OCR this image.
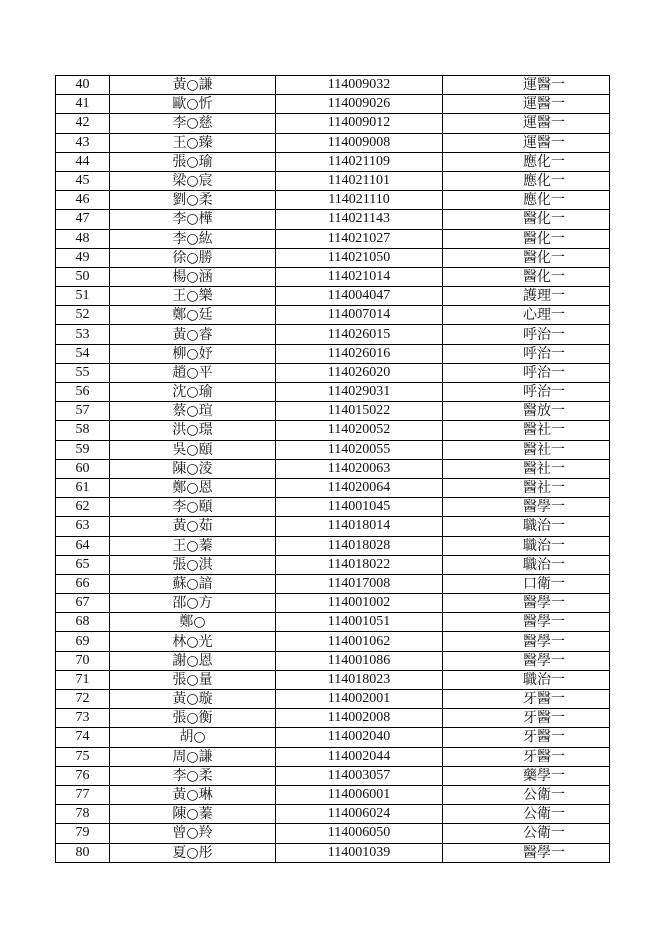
40	黃○謙	114009032	運醫一
41	歐○忻	114009026	運醫一
42	李○慈	114009012	運醫一
43	王○臻	114009008	運醫一
44	張○瑜	114021109	應化一
45	梁○宸	114021101	應化一
46	劉○柔	114021110	應化一
47	李○樺	114021143	醫化一
48	李○紘	114021027	醫化一
49	徐○勝	114021050	醫化一
50	楊○涵	114021014	醫化一
51	王○樂	114004047	護理一
52	鄭○廷	114007014	心理一
53	黃○睿	114026015	呼治一
54	柳○妤	114026016	呼治一
55	趙○平	114026020	呼治一
56	沈○瑜	114029031	呼治一
57	蔡○瑄	114015022	醫放一
58	洪○璟	114020052	醫社一
59	吳○頤	114020055	醫社一
60	陳○淩	114020063	醫社一
61	鄭○恩	114020064	醫社一
62	李○頤	114001045	醫學一
63	黃○茹	114018014	職治一
64	王○蓁	114018028	職治一
65	張○淇	114018022	職治一
66	蘇○諳	114017008	口衛一
67	邵○方	114001002	醫學一
68	鄭○	114001051	醫學一
69	林○光	114001062	醫學一
70	謝○恩	114001086	醫學一
71	張○量	114018023	職治一
72	黃○璇	114002001	牙醫一
73	張○衡	114002008	牙醫一
74	胡○	114002040	牙醫一
75	周○謙	114002044	牙醫一
76	李○柔	114003057	藥學一
77	黃○琳	114006001	公衛一
78	陳○蓁	114006024	公衛一
79	曾○羚	114006050	公衛一
80	夏○彤	114001039	醫學一
